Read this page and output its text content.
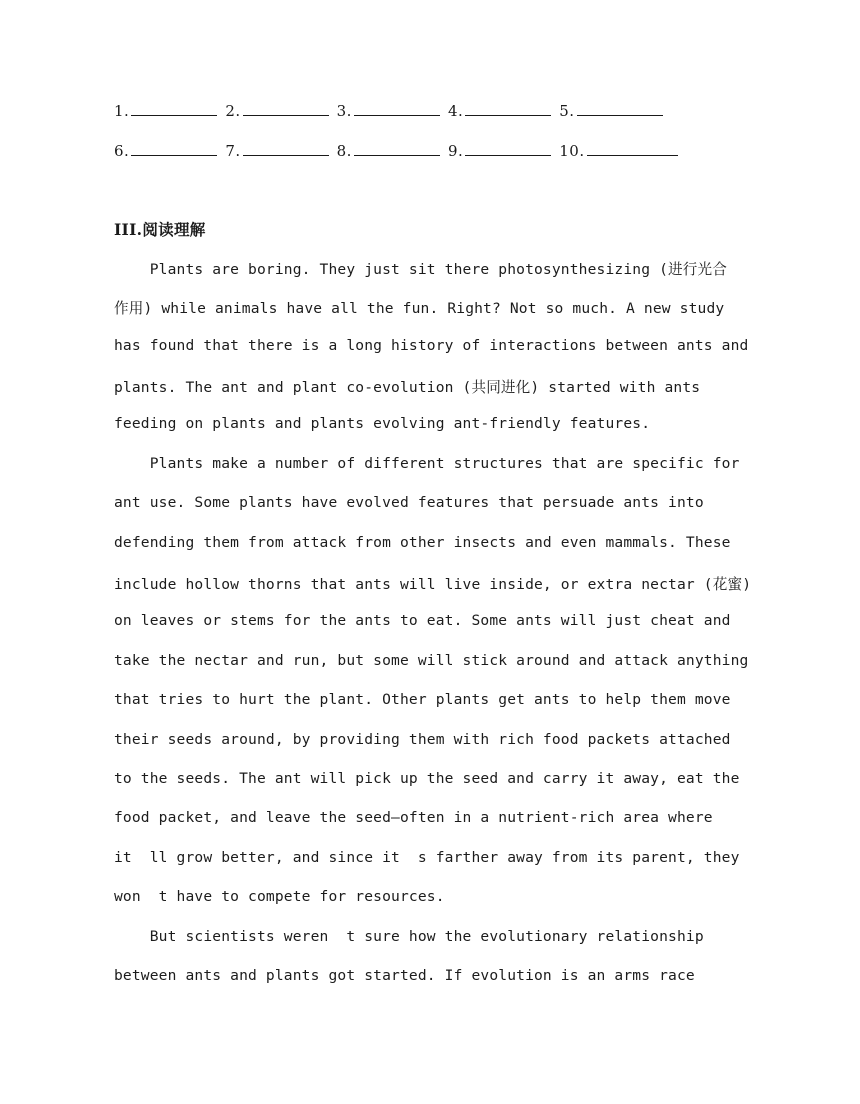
1.	2.	3.	4.	5.
6.	7.	8.	9.	10.
III.阅读理解
Plants are boring. They just sit there photosynthesizing (进行光合
作用) while animals have all the fun. Right? Not so much. A new study
has found that there is a long history of interactions between ants and
plants. The ant and plant co-evolution (共同进化) started with ants
feeding on plants and plants evolving ant-friendly features.
Plants make a number of different structures that are specific for
ant use. Some plants have evolved features that persuade ants into
defending them from attack from other insects and even mammals. These
include hollow thorns that ants will live inside, or extra nectar (花蜜)
on leaves or stems for the ants to eat. Some ants will just cheat and
take the nectar and run, but some will stick around and attack anything
that tries to hurt the plant. Other plants get ants to help them move
their seeds around, by providing them with rich food packets attached
to the seeds. The ant will pick up the seed and carry it away, eat the
food packet, and leave the seed—often in a nutrient-rich area where
it  ll grow better, and since it  s farther away from its parent, they
won  t have to compete for resources.
But scientists weren  t sure how the evolutionary relationship
between ants and plants got started. If evolution is an arms race
